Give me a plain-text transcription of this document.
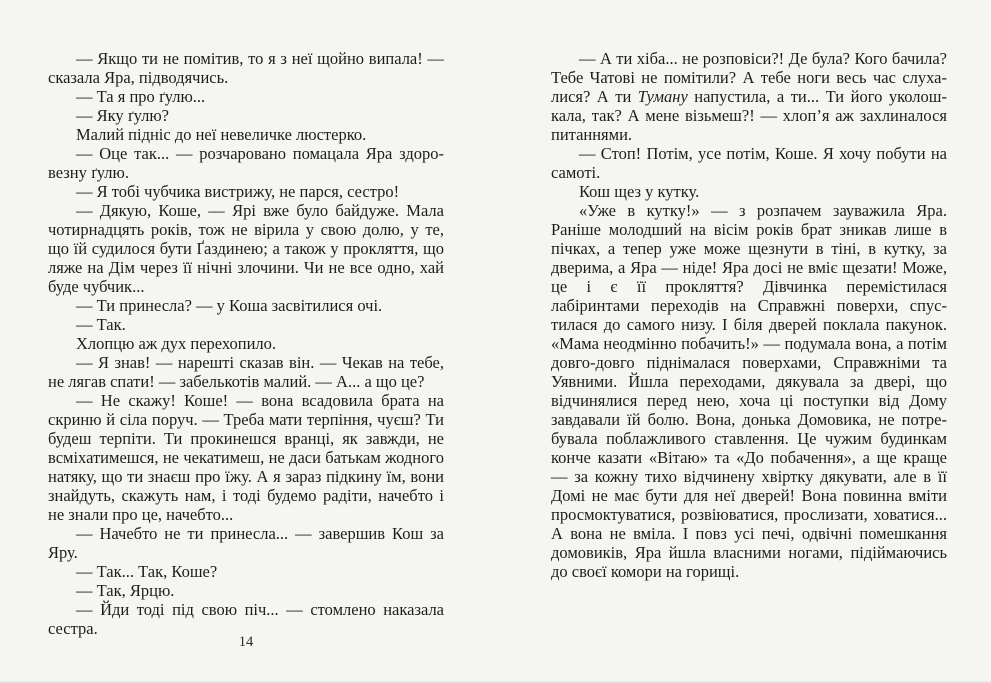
— Якщо ти не помітив, то я з неї щойно випала! — сказала Яра, підводячись.

— Та я про ґулю...

— Яку ґулю?

Малий підніс до неї невеличке люстерко.

— Оце так... — розчаровано помацала Яра здоровезну ґулю.

— Я тобі чубчика вистрижу, не парся, сестро!

— Дякую, Коше, — Ярі вже було байдуже. Мала чотирнадцять років, тож не вірила у свою долю, у те, що їй судилося бути Ґаздинею; а також у прокляття, що ляже на Дім через її нічні злочини. Чи не все одно, хай буде чубчик...

— Ти принесла? — у Коша засвітилися очі.

— Так.

Хлопцю аж дух перехопило.

— Я знав! — нарешті сказав він. — Чекав на тебе, не лягав спати! — забелькотів малий. — А... а що це?

— Не скажу! Коше! — вона всадовила брата на скриню й сіла поруч. — Треба мати терпіння, чуєш? Ти будеш терпіти. Ти прокинешся вранці, як завжди, не всміхатимешся, не чекатимеш, не даси батькам жодного натяку, що ти знаєш про їжу. А я зараз підкину їм, вони знайдуть, скажуть нам, і тоді будемо радіти, начебто і не знали про це, начебто...

— Начебто не ти принесла... — завершив Кош за Яру.

— Так... Так, Коше?

— Так, Ярцю.

— Йди тоді під свою піч... — стомлено наказала сестра.

— А ти хіба... не розповіси?! Де була? Кого бачила? Тебе Чатові не помітили? А тебе ноги весь час слухалися? А ти Туману напустила, а ти... Ти його уколошкала, так? А мене візьмеш?! — хлоп’я аж захлиналося питаннями.

— Стоп! Потім, усе потім, Коше. Я хочу побути на самоті.

Кош щез у кутку.

«Уже в кутку!» — з розпачем зауважила Яра. Раніше молодший на вісім років брат зникав лише в пічках, а тепер уже може щезнути в тіні, в кутку, за дверима, а Яра — ніде! Яра досі не вміє щезати! Може, це і є її прокляття? Дівчинка перемістилася лабіринтами переходів на Справжні поверхи, спустилася до самого низу. І біля дверей поклала пакунок. «Мама неодмінно побачить!» — подумала вона, а потім довго-довго піднімалася поверхами, Справжніми та Уявними. Йшла переходами, дякувала за двері, що відчинялися перед нею, хоча ці поступки від Дому завдавали їй болю. Вона, донька Домовика, не потребувала поблажливого ставлення. Це чужим будинкам конче казати «Вітаю» та «До побачення», а ще краще — за кожну тихо відчинену хвіртку дякувати, але в її Домі не має бути для неї дверей! Вона повинна вміти просмоктуватися, розвіюватися, прослизати, ховатися... А вона не вміла. І повз усі печі, одвічні помешкання домовиків, Яра йшла власними ногами, підіймаючись до своєї комори на горищі.

14
